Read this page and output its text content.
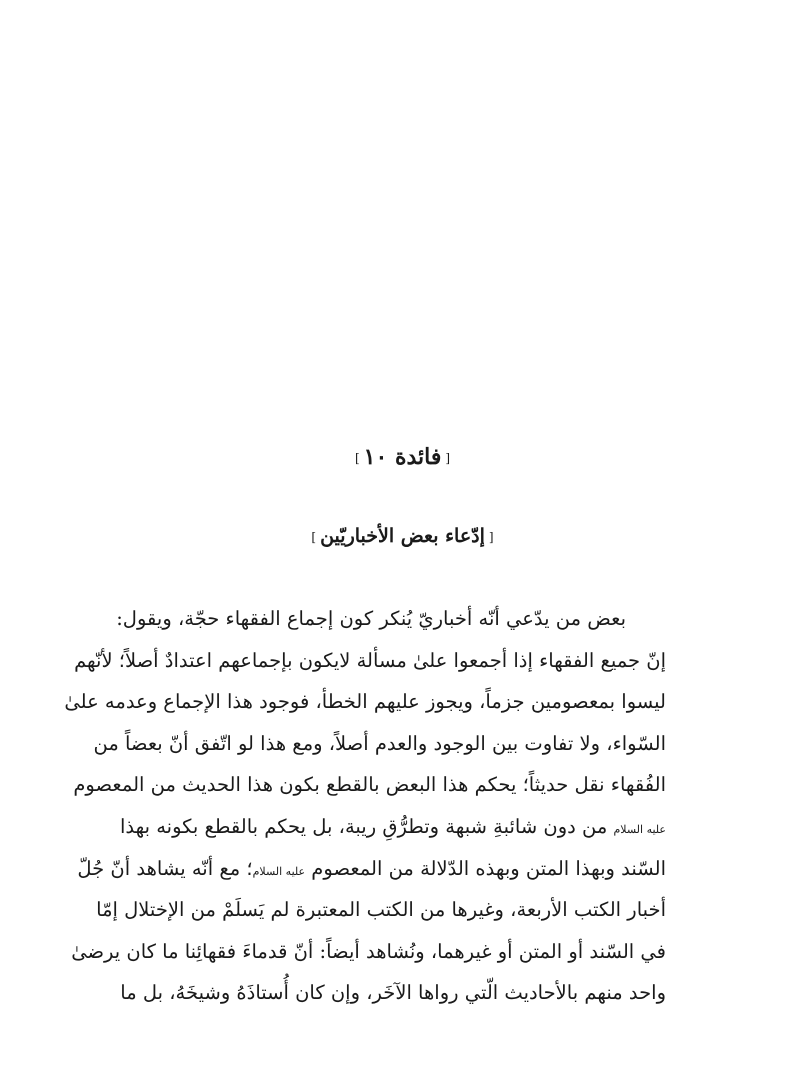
[فائدة ١٠]
[إدّعاء بعض الأخباريّين]
بعض من يدّعي أنّه أخباريّ يُنكر كون إجماع الفقهاء حجّة، ويقول:
إنّ جميع الفقهاء إذا أجمعوا علىٰ مسألة لايكون بإجماعهم اعتدادٌ أصلاً؛ لأنّهم
ليسوا بمعصومين جزماً، ويجوز عليهم الخطأ، فوجود هذا الإجماع وعدمه علىٰ
السّواء، ولا تفاوت بين الوجود والعدم أصلاً، ومع هذا لو اتّفق أنّ بعضاً من
الفُقهاء نقل حديثاً؛ يحكم هذا البعض بالقطع بكون هذا الحديث من المعصوم
عليه السلام من دون شائبةِ شبهة وتطرُّقِ ريبة، بل يحكم بالقطع بكونه بهذا
السّند وبهذا المتن وبهذه الدّلالة من المعصوم عليه السلام؛ مع أنّه يشاهد أنّ جُلّ
أخبار الكتب الأربعة، وغيرها من الكتب المعتبرة لم يَسلَمْ من الإختلال إمّا
في السّند أو المتن أو غيرهما، ونُشاهد أيضاً: أنّ قدماءَ فقهائِنا ما كان يرضىٰ
واحد منهم بالأحاديث الّتي رواها الآخَر، وإن كان أُستاذَهُ وشيخَهُ، بل ما
